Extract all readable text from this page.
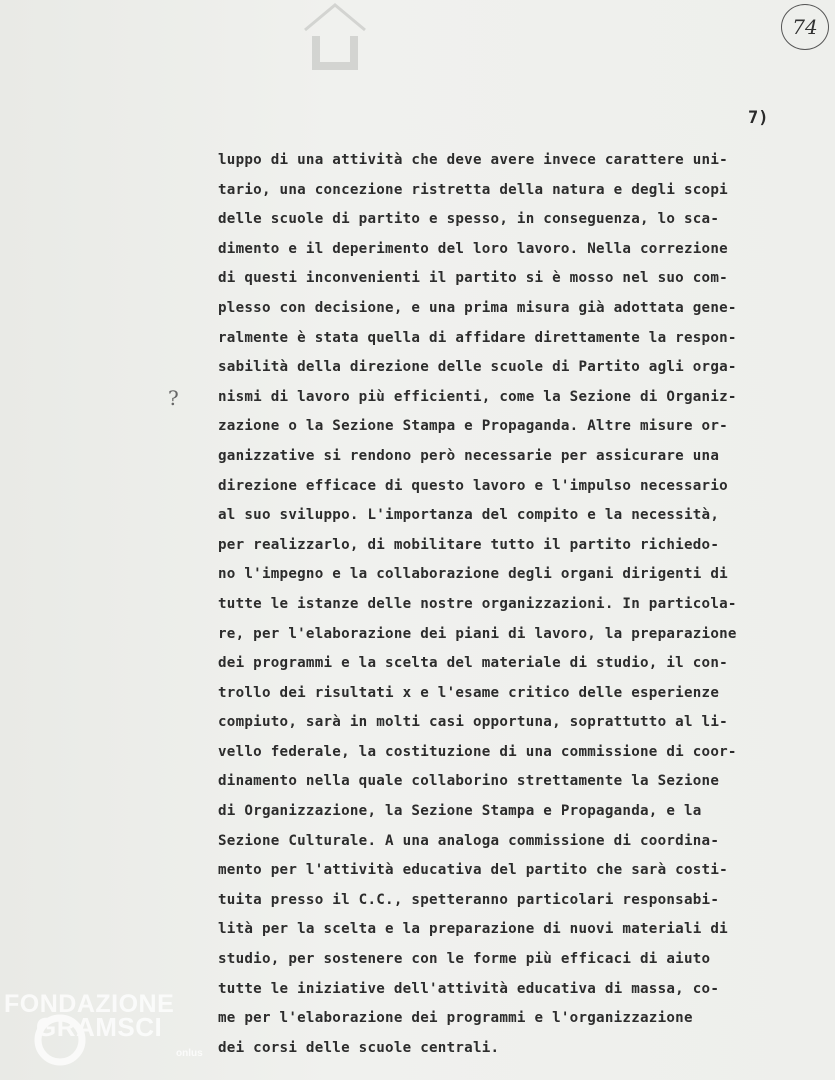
74
7)
?
luppo di una attività che deve avere invece carattere uni-
tario, una concezione ristretta della natura e degli scopi
delle scuole di partito e spesso, in conseguenza, lo sca-
dimento e il deperimento del loro lavoro. Nella correzione
di questi inconvenienti il partito si è mosso nel suo com-
plesso con decisione, e una prima misura già adottata gene-
ralmente è stata quella di affidare direttamente la respon-
sabilità della direzione delle scuole di Partito agli orga-
nismi di lavoro più efficienti, come la Sezione di Organiz-
zazione o la Sezione Stampa e Propaganda. Altre misure or-
ganizzative si rendono però necessarie per assicurare una
direzione efficace di questo lavoro e l'impulso necessario
al suo sviluppo. L'importanza del compito e la necessità,
per realizzarlo, di mobilitare tutto il partito richiedo-
no l'impegno e la collaborazione degli organi dirigenti di
tutte le istanze delle nostre organizzazioni. In particola-
re, per l'elaborazione dei piani di lavoro, la preparazione
dei programmi e la scelta del materiale di studio, il con-
trollo dei risultati x e l'esame critico delle esperienze
compiuto, sarà in molti casi opportuna, soprattutto al li-
vello federale, la costituzione di una commissione di coor-
dinamento nella quale collaborino strettamente la Sezione
di Organizzazione, la Sezione Stampa e Propaganda, e la
Sezione Culturale. A una analoga commissione di coordina-
mento per l'attività educativa del partito che sarà costi-
tuita presso il C.C., spetteranno particolari responsabi-
lità per la scelta e la preparazione di nuovi materiali di
studio, per sostenere con le forme più efficaci di aiuto
tutte le iniziative dell'attività educativa di massa, co-
me per l'elaborazione dei programmi e l'organizzazione
dei corsi delle scuole centrali.
FONDAZIONE
GRAMSCI
onlus
